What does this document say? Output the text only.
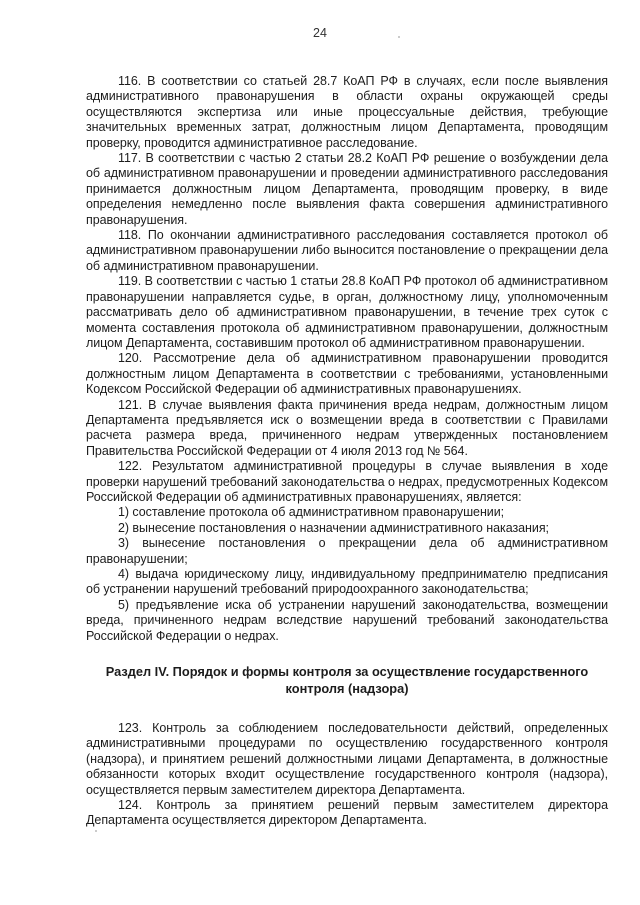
24

116. В соответствии со статьей 28.7 КоАП РФ в случаях, если после выявления административного правонарушения в области охраны окружающей среды осуществляются экспертиза или иные процессуальные действия, требующие значительных временных затрат, должностным лицом Департамента, проводящим проверку, проводится административное расследование.

117. В соответствии с частью 2 статьи 28.2 КоАП РФ решение о возбуждении дела об административном правонарушении и проведении административного расследования принимается должностным лицом Департамента, проводящим проверку, в виде определения немедленно после выявления факта совершения административного правонарушения.

118. По окончании административного расследования составляется протокол об административном правонарушении либо выносится постановление о прекращении дела об административном правонарушении.

119. В соответствии с частью 1 статьи 28.8 КоАП РФ протокол об административном правонарушении направляется судье, в орган, должностному лицу, уполномоченным рассматривать дело об административном правонарушении, в течение трех суток с момента составления протокола об административном правонарушении, должностным лицом Департамента, составившим протокол об административном правонарушении.

120. Рассмотрение дела об административном правонарушении проводится должностным лицом Департамента в соответствии с требованиями, установленными Кодексом Российской Федерации об административных правонарушениях.

121. В случае выявления факта причинения вреда недрам, должностным лицом Департамента предъявляется иск о возмещении вреда в соответствии с Правилами расчета размера вреда, причиненного недрам утвержденных постановлением Правительства Российской Федерации от 4 июля 2013 год № 564.

122. Результатом административной процедуры в случае выявления в ходе проверки нарушений требований законодательства о недрах, предусмотренных Кодексом Российской Федерации об административных правонарушениях, является:

1) составление протокола об административном правонарушении;

2) вынесение постановления о назначении административного наказания;

3) вынесение постановления о прекращении дела об административном правонарушении;

4) выдача юридическому лицу, индивидуальному предпринимателю предписания об устранении нарушений требований природоохранного законодательства;

5) предъявление иска об устранении нарушений законодательства, возмещении вреда, причиненного недрам вследствие нарушений требований законодательства Российской Федерации о недрах.

Раздел IV. Порядок и формы контроля за осуществление государственного контроля (надзора)

123. Контроль за соблюдением последовательности действий, определенных административными процедурами по осуществлению государственного контроля (надзора), и принятием решений должностными лицами Департамента, в должностные обязанности которых входит осуществление государственного контроля (надзора), осуществляется первым заместителем директора Департамента.

124. Контроль за принятием решений первым заместителем директора Департамента осуществляется директором Департамента.
